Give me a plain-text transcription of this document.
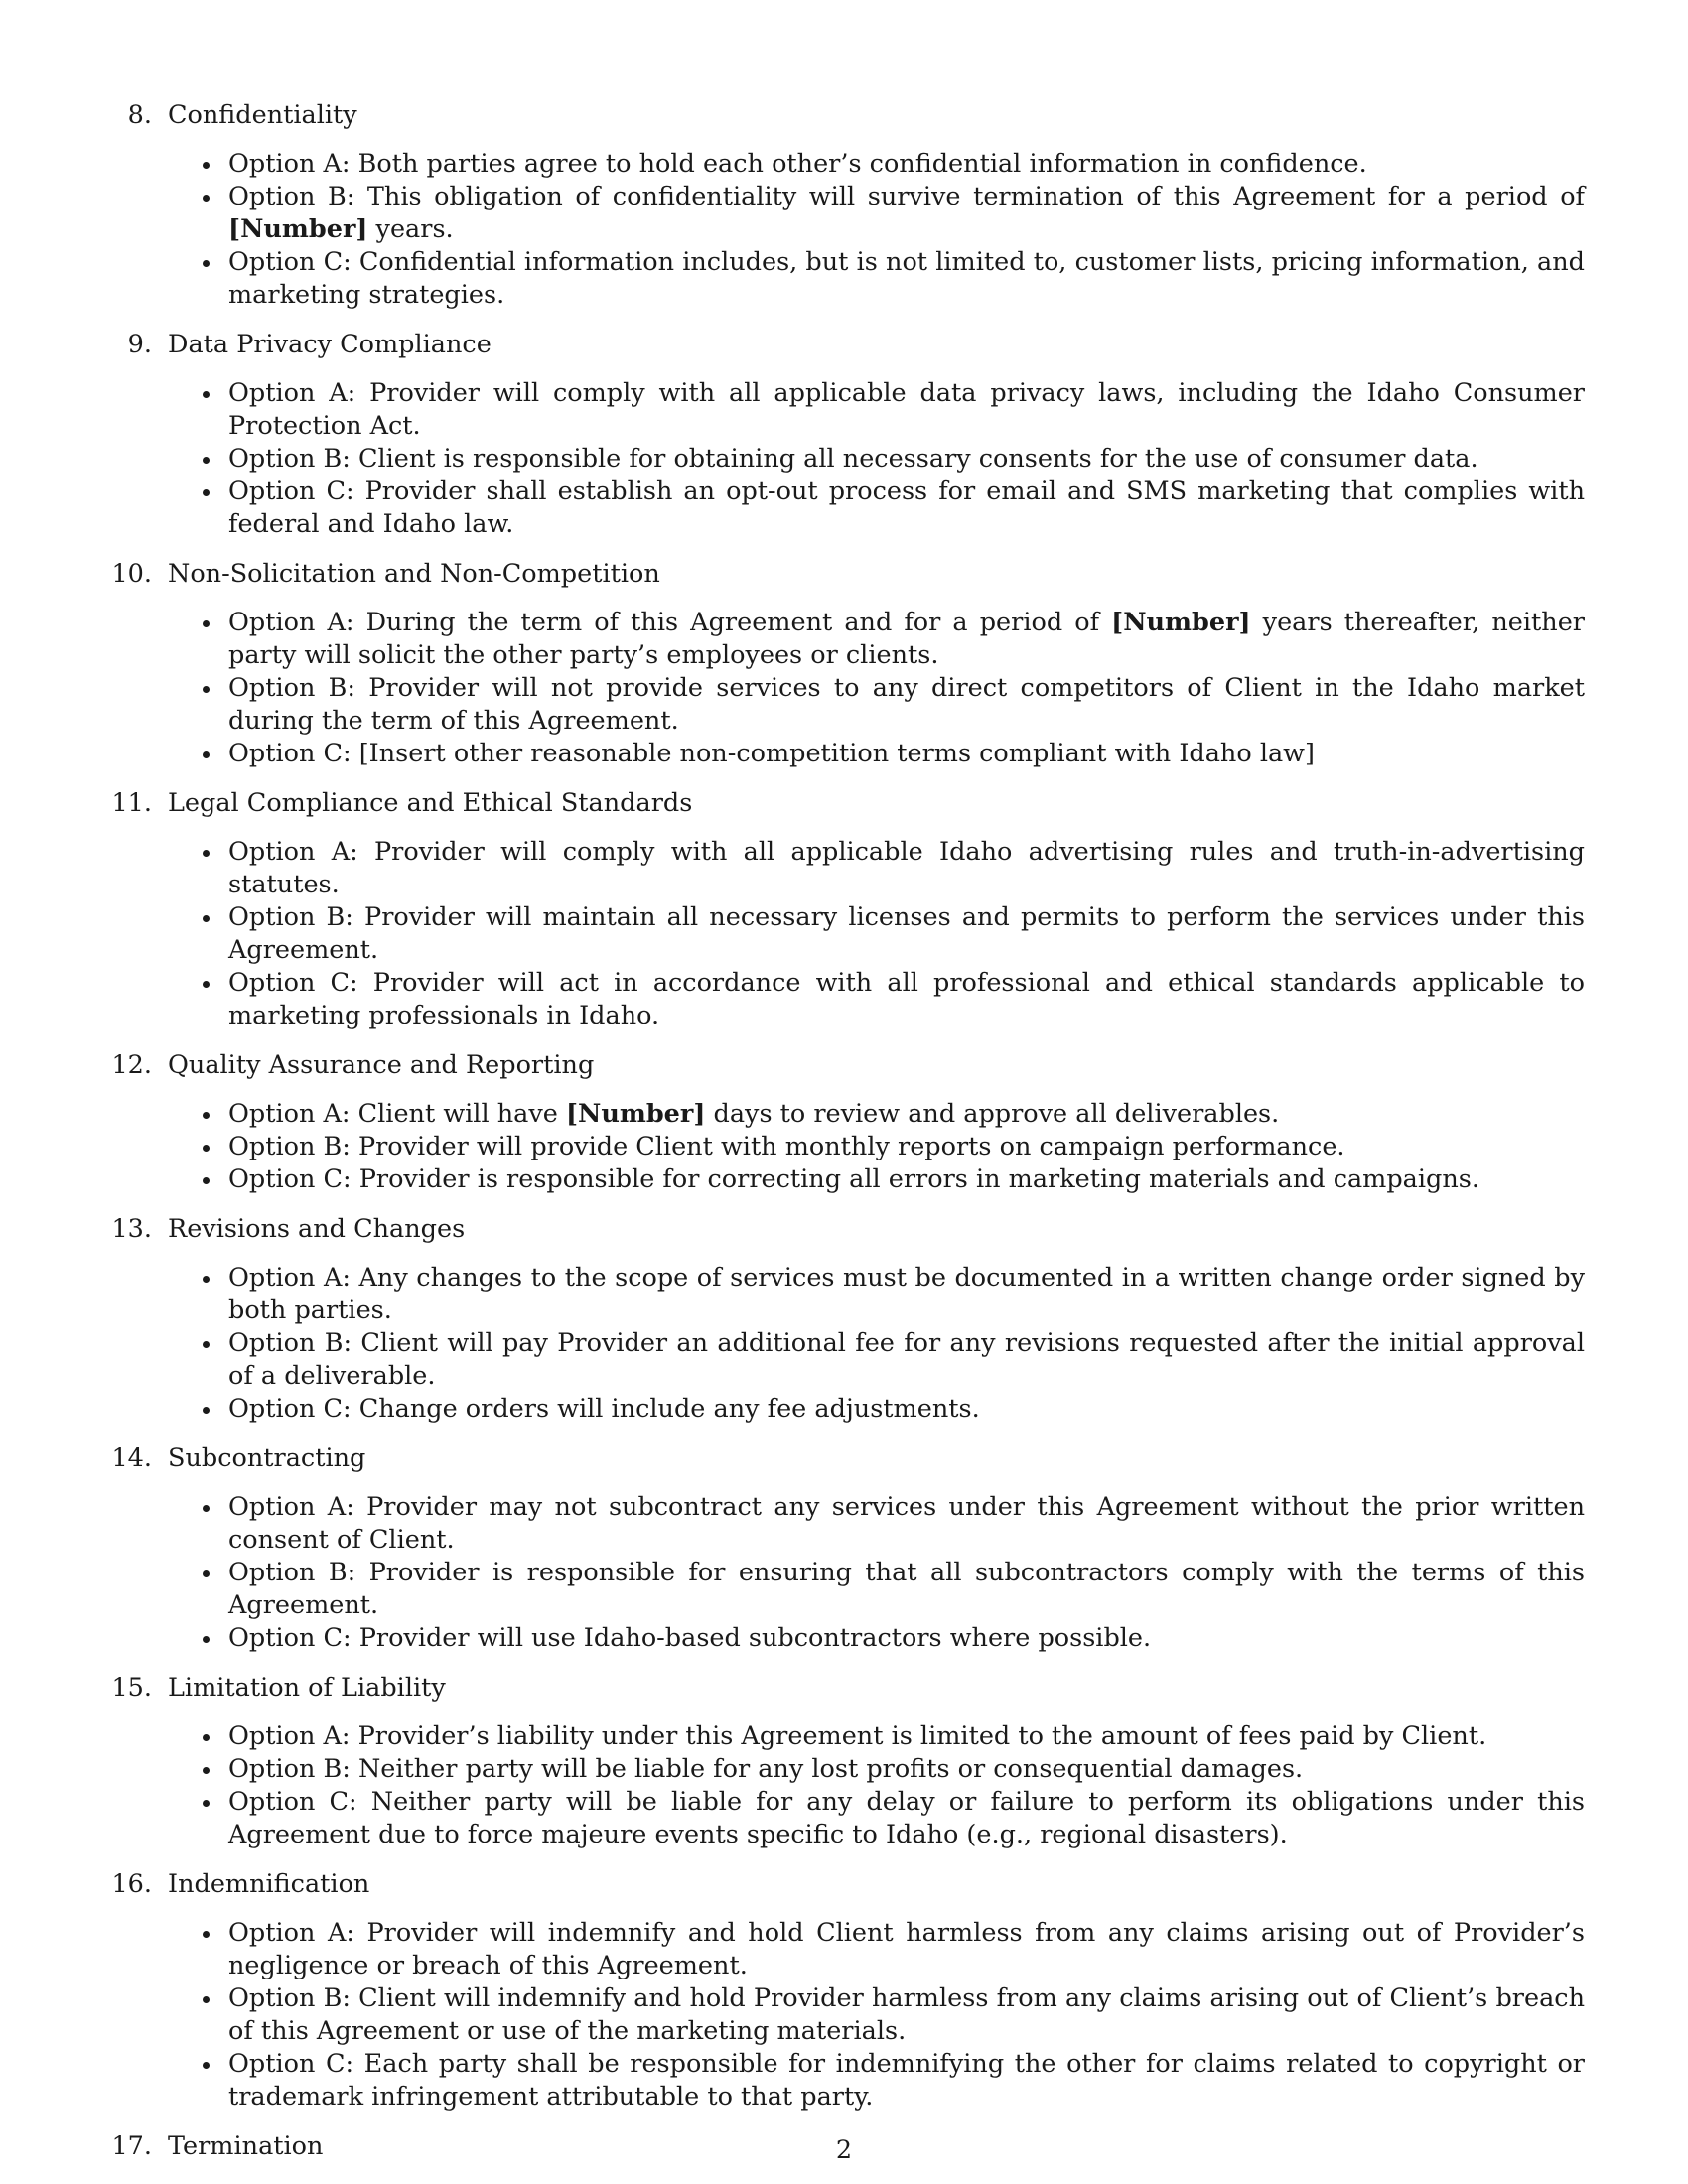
8. Confidentiality
Option A: Both parties agree to hold each other’s confidential information in confidence.
Option B: This obligation of confidentiality will survive termination of this Agreement for a period of [Number] years.
Option C: Confidential information includes, but is not limited to, customer lists, pricing information, and marketing strategies.
9. Data Privacy Compliance
Option A: Provider will comply with all applicable data privacy laws, including the Idaho Consumer Protection Act.
Option B: Client is responsible for obtaining all necessary consents for the use of consumer data.
Option C: Provider shall establish an opt-out process for email and SMS marketing that complies with federal and Idaho law.
10. Non-Solicitation and Non-Competition
Option A: During the term of this Agreement and for a period of [Number] years thereafter, neither party will solicit the other party’s employees or clients.
Option B: Provider will not provide services to any direct competitors of Client in the Idaho market during the term of this Agreement.
Option C: [Insert other reasonable non-competition terms compliant with Idaho law]
11. Legal Compliance and Ethical Standards
Option A: Provider will comply with all applicable Idaho advertising rules and truth-in-advertising statutes.
Option B: Provider will maintain all necessary licenses and permits to perform the services under this Agreement.
Option C: Provider will act in accordance with all professional and ethical standards applicable to marketing professionals in Idaho.
12. Quality Assurance and Reporting
Option A: Client will have [Number] days to review and approve all deliverables.
Option B: Provider will provide Client with monthly reports on campaign performance.
Option C: Provider is responsible for correcting all errors in marketing materials and campaigns.
13. Revisions and Changes
Option A: Any changes to the scope of services must be documented in a written change order signed by both parties.
Option B: Client will pay Provider an additional fee for any revisions requested after the initial approval of a deliverable.
Option C: Change orders will include any fee adjustments.
14. Subcontracting
Option A: Provider may not subcontract any services under this Agreement without the prior written consent of Client.
Option B: Provider is responsible for ensuring that all subcontractors comply with the terms of this Agreement.
Option C: Provider will use Idaho-based subcontractors where possible.
15. Limitation of Liability
Option A: Provider’s liability under this Agreement is limited to the amount of fees paid by Client.
Option B: Neither party will be liable for any lost profits or consequential damages.
Option C: Neither party will be liable for any delay or failure to perform its obligations under this Agreement due to force majeure events specific to Idaho (e.g., regional disasters).
16. Indemnification
Option A: Provider will indemnify and hold Client harmless from any claims arising out of Provider’s negligence or breach of this Agreement.
Option B: Client will indemnify and hold Provider harmless from any claims arising out of Client’s breach of this Agreement or use of the marketing materials.
Option C: Each party shall be responsible for indemnifying the other for claims related to copyright or trademark infringement attributable to that party.
17. Termination	2
